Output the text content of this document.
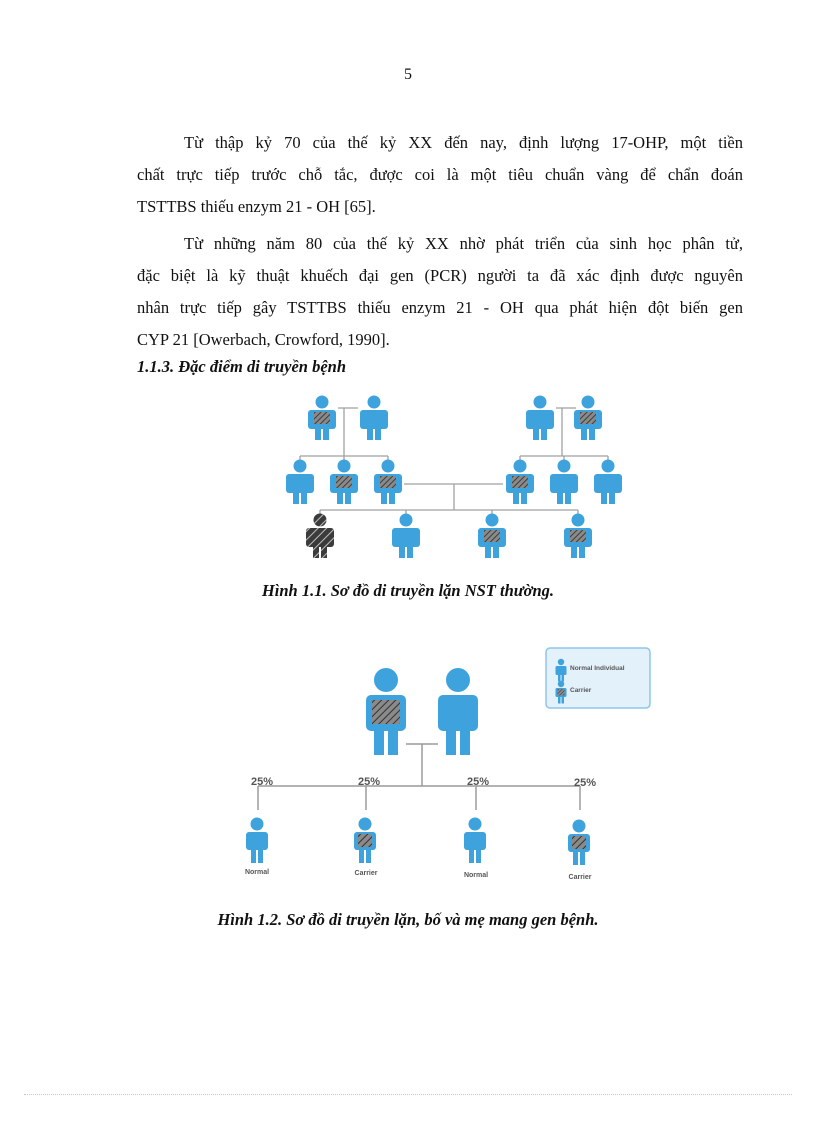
5
Từ thập kỷ 70 của thế kỷ XX đến nay, định lượng 17-OHP, một tiền
chất trực tiếp trước chỗ tắc, được coi là một tiêu chuẩn vàng để chẩn đoán
TSTTBS thiếu enzym 21 - OH [65].
Từ những năm 80 của thế kỷ XX nhờ phát triển của sinh học phân tử,
đặc biệt là kỹ thuật khuếch đại gen (PCR) người ta đã xác định được nguyên
nhân trực tiếp gây TSTTBS thiếu enzym 21 - OH qua phát hiện đột biến gen
CYP 21 [Owerbach, Crowford, 1990].
1.1.3. Đặc điểm di truyền bệnh
Hình 1.1. Sơ đồ di truyền lặn NST thường.
25%	25%	25%	25%
Normal	Carrier	Normal	Carrier
Normal Individual
Carrier
Hình 1.2. Sơ đồ di truyền lặn, bố và mẹ mang gen bệnh.
